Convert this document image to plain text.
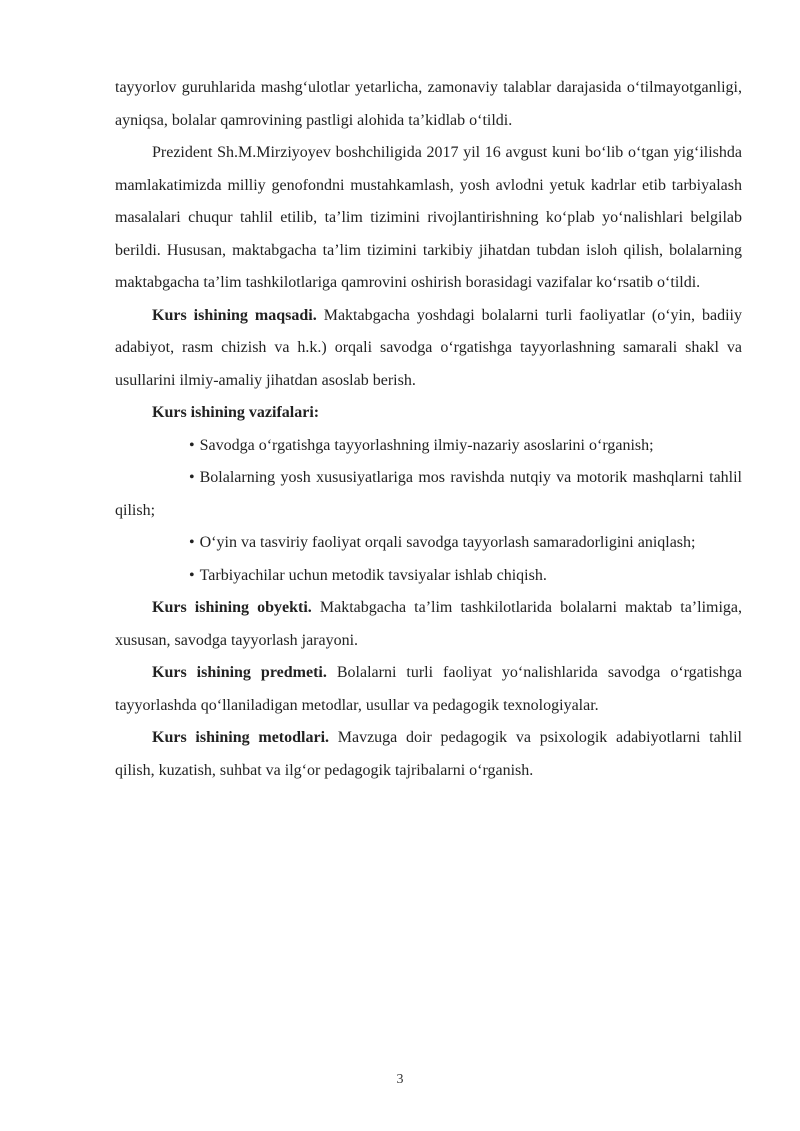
tayyorlov guruhlarida mashg‘ulotlar yetarlicha, zamonaviy talablar darajasida o‘tilmayotganligi, ayniqsa, bolalar qamrovining pastligi alohida ta’kidlab o‘tildi.

Prezident Sh.M.Mirziyoyev boshchiligida 2017 yil 16 avgust kuni bo‘lib o‘tgan yig‘ilishda mamlakatimizda milliy genofondni mustahkamlash, yosh avlodni yetuk kadrlar etib tarbiyalash masalalari chuqur tahlil etilib, ta’lim tizimini rivojlantirishning ko‘plab yo‘nalishlari belgilab berildi. Hususan, maktabgacha ta’lim tizimini tarkibiy jihatdan tubdan isloh qilish, bolalarning maktabgacha ta’lim tashkilotlariga qamrovini oshirish borasidagi vazifalar ko‘rsatib o‘tildi.

Kurs ishining maqsadi. Maktabgacha yoshdagi bolalarni turli faoliyatlar (o‘yin, badiiy adabiyot, rasm chizish va h.k.) orqali savodga o‘rgatishga tayyorlashning samarali shakl va usullarini ilmiy-amaliy jihatdan asoslab berish.

Kurs ishining vazifalari:

• Savodga o‘rgatishga tayyorlashning ilmiy-nazariy asoslarini o‘rganish;

• Bolalarning yosh xususiyatlariga mos ravishda nutqiy va motorik mashqlarni tahlil qilish;

• O‘yin va tasviriy faoliyat orqali savodga tayyorlash samaradorligini aniqlash;

• Tarbiyachilar uchun metodik tavsiyalar ishlab chiqish.

Kurs ishining obyekti. Maktabgacha ta’lim tashkilotlarida bolalarni maktab ta’limiga, xususan, savodga tayyorlash jarayoni.

Kurs ishining predmeti. Bolalarni turli faoliyat yo‘nalishlarida savodga o‘rgatishga tayyorlashda qo‘llaniladigan metodlar, usullar va pedagogik texnologiyalar.

Kurs ishining metodlari. Mavzuga doir pedagogik va psixologik adabiyotlarni tahlil qilish, kuzatish, suhbat va ilg‘or pedagogik tajribalarni o‘rganish.

3
